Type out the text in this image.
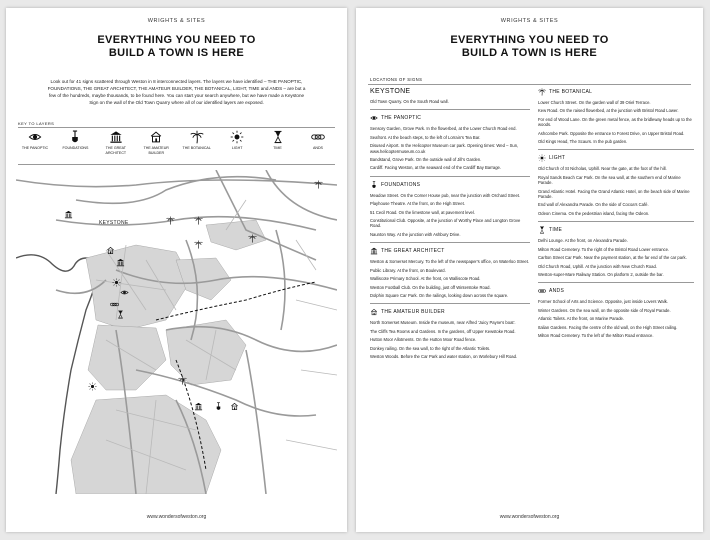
WRIGHTS & SITES
EVERYTHING YOU NEED TO
BUILD A TOWN IS HERE
Look out for 41 signs scattered through Weston in 8 interconnected layers. The layers we have identified – THE PANOPTIC, FOUNDATIONS, THE GREAT ARCHITECT, THE AMATEUR BUILDER, THE BOTANICAL, LIGHT, TIME and ANDS – are but a few of the hundreds, maybe thousands, to be found here. You can start your search anywhere, but we have made a Keystone Sign on the wall of the Old Town Quarry where all of our identified layers are exposed.
KEY TO LAYERS
THE PANOPTIC	FOUNDATIONS	THE GREAT ARCHITECT
THE AMATEUR BUILDER
THE BOTANICAL	LIGHT	TIME	ANDS
KEYSTONE
www.wondersofweston.org
WRIGHTS & SITES
EVERYTHING YOU NEED TO
BUILD A TOWN IS HERE
LOCATIONS OF SIGNS
KEYSTONE
Old Town Quarry. On the South Road wall.
THE PANOPTIC
Sensory Garden, Grove Park. In the flowerbed, at the Lower Church Road end.
Seafront. At the beach steps, to the left of Lorrain's Tea Bar.
Disused Airport. In the Helicopter Museum car park. Opening times: Wed – Sun, www.helicoptermuseum.co.uk
Bandstand, Grove Park. On the outside wall of Jill's Garden.
Cardiff. Facing Weston, at the seaward end of the Cardiff Bay Barrage.
FOUNDATIONS
Meadow Street. On the Corner House pub, near the junction with Orchard Street.
Playhouse Theatre. At the front, on the High Street.
51 Cecil Road. On the limestone wall, at pavement level.
Constitutional Club. Opposite, at the junction of Worthy Place and Longton Grove Road.
Naunton Way. At the junction with Ashbury Drive.
THE GREAT ARCHITECT
Weston & Somerset Mercury. To the left of the newspaper's office, on Waterloo Street.
Public Library. At the front, on Boulevard.
Walliscote Primary School. At the front, on Walliscote Road.
Weston Football Club. On the building, just off Winterstoke Road.
Dolphin Square Car Park. On the railings, looking down across the square.
THE AMATEUR BUILDER
North Somerset Museum. Inside the museum, near Alfred 'Juicy Payne's boat'.
The Cliffs Tea Rooms and Gardens. In the gardens, off Upper Kewstoke Road.
Hutton Moor Allotments. On the Hutton Moor Road fence.
Donkey railing. On the sea wall, to the right of the Atlantic Toilets.
Weston Woods. Before the Car Park and water station, on Worlebury Hill Road.
THE BOTANICAL
Lower Church Street. On the garden wall of 39 Oriel Terrace.
Kew Road. On the raised flowerbed, at the junction with Bristol Road Lower.
For end of Wood Lane. On the green metal fence, as the bridleway heads up to the woods.
Ashcombe Park. Opposite the entrance to Forest Drive, on Upper Bristol Road.
Old Kings Head, The Scaurs. In the pub garden.
LIGHT
Old Church of St Nicholas, Uphill. Near the gate, at the foot of the hill.
Royal Sands Beach Car Park. On the sea wall, at the southern end of Marine Parade.
Grand Atlantic Hotel. Facing the Grand Atlantic Hotel, on the beach side of Marine Parade.
End wall of Alexandra Parade. On the side of Cocoa's Café.
Odeon Cinema. On the pedestrian island, facing the Odeon.
TIME
Delhi Lounge. At the front, on Alexandra Parade.
Milton Road Cemetery. To the right of the Bristol Road Lower entrance.
Carlton Street Car Park. Near the payment station, at the far end of the car park.
Old Church Road, Uphill. At the junction with New Church Road.
Weston-super-Mare Railway Station. On platform 2, outside the bar.
ANDS
Former School of Arts and Science. Opposite, just inside Lovers Walk.
Winter Gardens. On the sea wall, on the opposite side of Royal Parade.
Atlantic Toilets. At the front, on Marine Parade.
Italian Gardens. Facing the centre of the old wall, on the High Street railing.
Milton Road Cemetery. To the left of the Milton Road entrance.
www.wondersofweston.org
